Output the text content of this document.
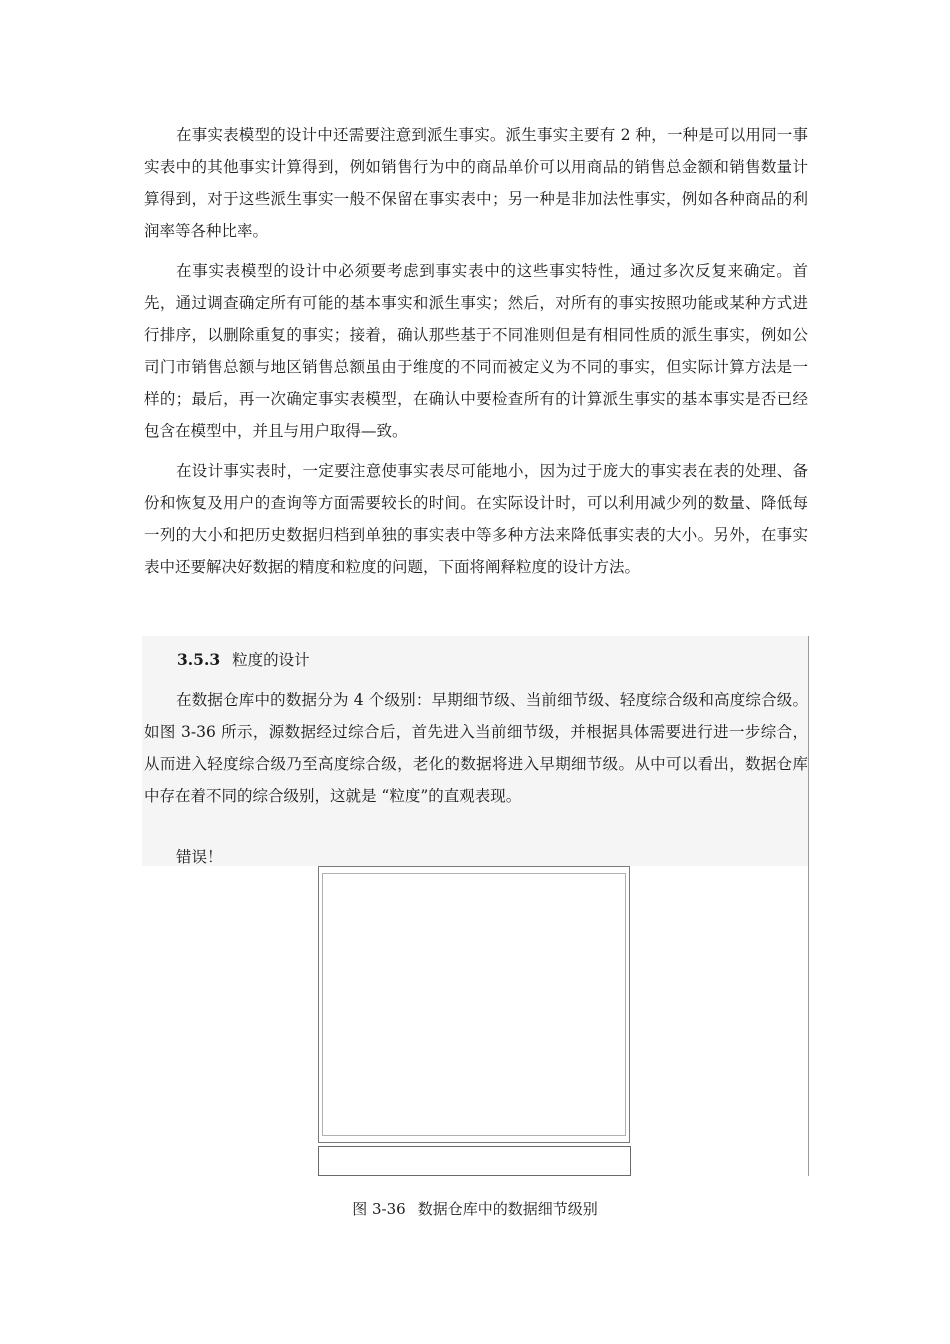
在事实表模型的设计中还需要注意到派生事实。派生事实主要有 2 种，一种是可以用同一事实表中的其他事实计算得到，例如销售行为中的商品单价可以用商品的销售总金额和销售数量计算得到，对于这些派生事实一般不保留在事实表中；另一种是非加法性事实，例如各种商品的利润率等各种比率。

在事实表模型的设计中必须要考虑到事实表中的这些事实特性，通过多次反复来确定。首先，通过调查确定所有可能的基本事实和派生事实；然后，对所有的事实按照功能或某种方式进行排序，以删除重复的事实；接着，确认那些基于不同准则但是有相同性质的派生事实，例如公司门市销售总额与地区销售总额虽由于维度的不同而被定义为不同的事实，但实际计算方法是一样的；最后，再一次确定事实表模型，在确认中要检查所有的计算派生事实的基本事实是否已经包含在模型中，并且与用户取得—致。

在设计事实表时，一定要注意使事实表尽可能地小，因为过于庞大的事实表在表的处理、备份和恢复及用户的查询等方面需要较长的时间。在实际设计时，可以利用减少列的数量、降低每一列的大小和把历史数据归档到单独的事实表中等多种方法来降低事实表的大小。另外，在事实表中还要解决好数据的精度和粒度的问题，下面将阐释粒度的设计方法。

3.5.3 粒度的设计

在数据仓库中的数据分为 4 个级别：早期细节级、当前细节级、轻度综合级和高度综合级。如图 3-36 所示，源数据经过综合后，首先进入当前细节级，并根据具体需要进行进一步综合，从而进入轻度综合级乃至高度综合级，老化的数据将进入早期细节级。从中可以看出，数据仓库中存在着不同的综合级别，这就是 “粒度”的直观表现。

错误！

图 3-36 数据仓库中的数据细节级别
